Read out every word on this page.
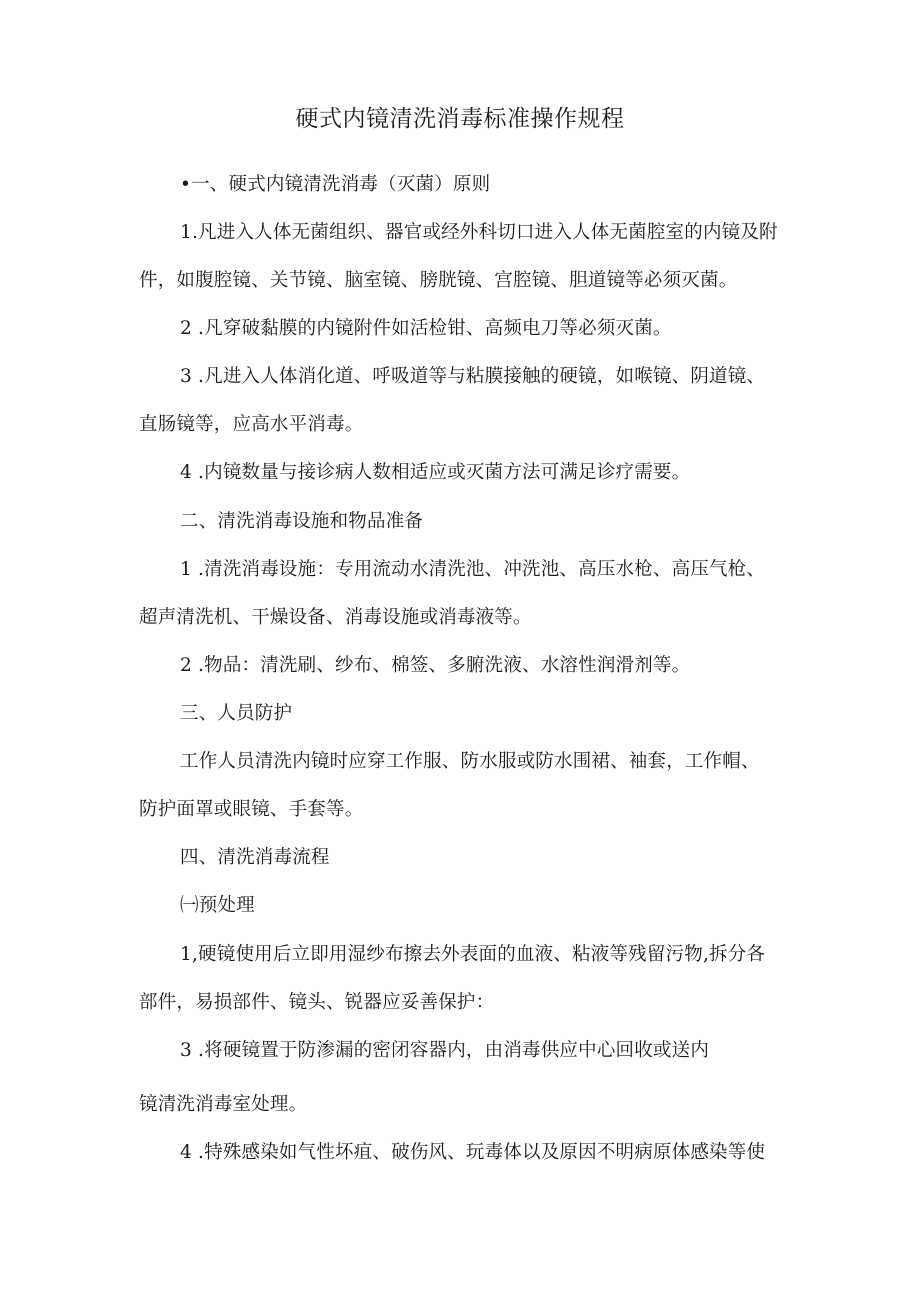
硬式内镜清洗消毒标准操作规程
•一、硬式内镜清洗消毒（灭菌）原则
1.凡进入人体无菌组织、器官或经外科切口进入人体无菌腔室的内镜及附
件，如腹腔镜、关节镜、脑室镜、膀胱镜、宫腔镜、胆道镜等必须灭菌。
2 .凡穿破黏膜的内镜附件如活检钳、高频电刀等必须灭菌。
3 .凡进入人体消化道、呼吸道等与粘膜接触的硬镜，如喉镜、阴道镜、
直肠镜等，应高水平消毒。
4 .内镜数量与接诊病人数相适应或灭菌方法可满足诊疗需要。
二、清洗消毒设施和物品准备
1 .清洗消毒设施：专用流动水清洗池、冲洗池、高压水枪、高压气枪、
超声清洗机、干燥设备、消毒设施或消毒液等。
2 .物品：清洗刷、纱布、棉签、多腑洗液、水溶性润滑剂等。
三、人员防护
工作人员清洗内镜时应穿工作服、防水服或防水围裙、袖套，工作帽、
防护面罩或眼镜、手套等。
四、清洗消毒流程
㈠预处理
1,硬镜使用后立即用湿纱布擦去外表面的血液、粘液等残留污物,拆分各
部件，易损部件、镜头、锐器应妥善保护：
3 .将硬镜置于防渗漏的密闭容器内，由消毒供应中心回收或送内
镜清洗消毒室处理。
4 .特殊感染如气性坏疽、破伤风、玩毒体以及原因不明病原体感染等使
